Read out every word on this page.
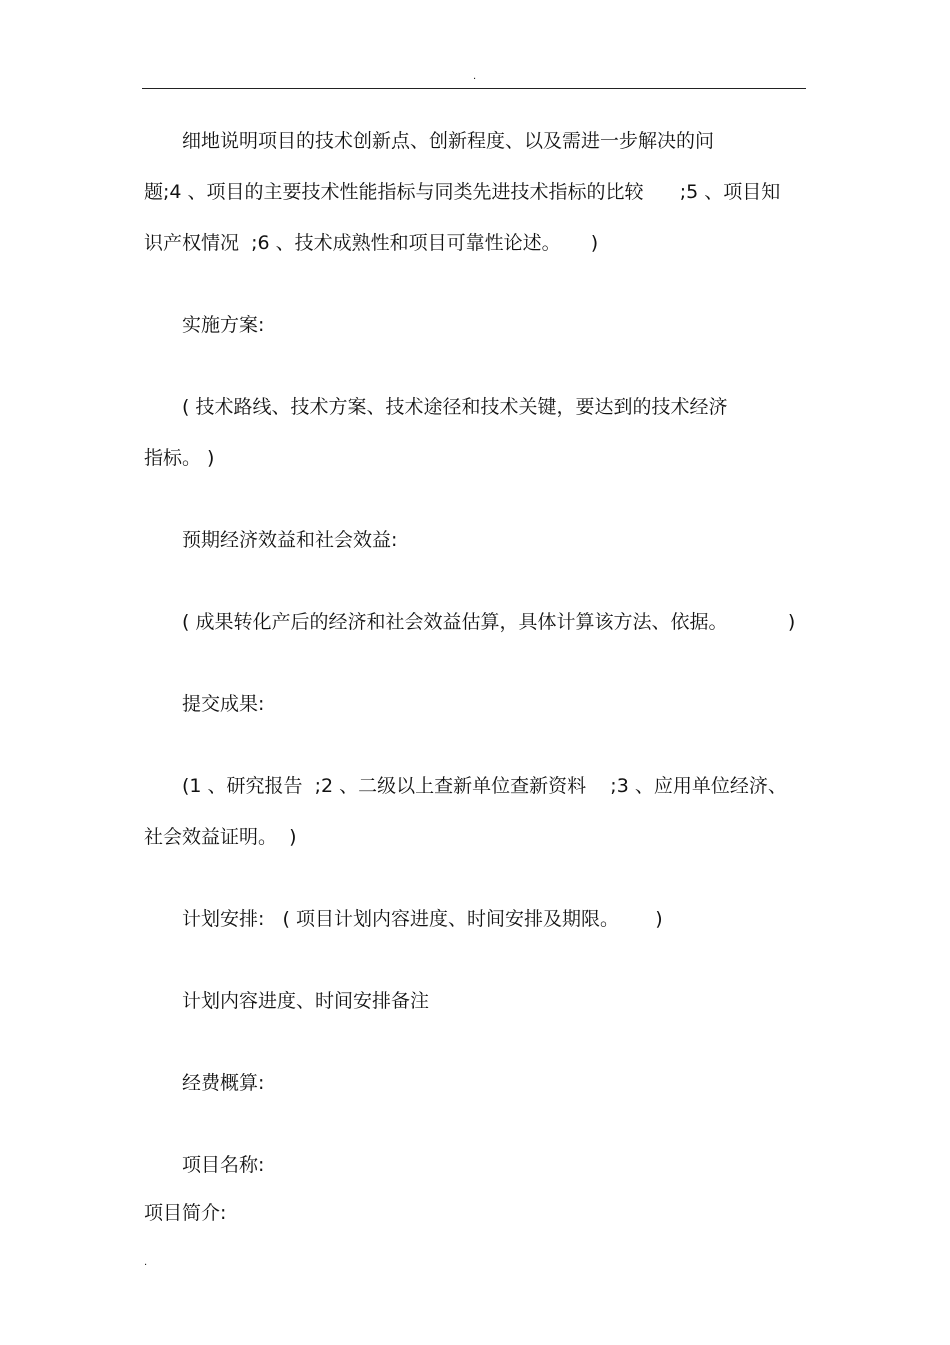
.
细地说明项目的技术创新点、创新程度、以及需进一步解决的问
题;4 、项目的主要技术性能指标与同类先进技术指标的比较      ;5 、项目知
识产权情况  ;6 、技术成熟性和项目可靠性论述。     )
实施方案:
( 技术路线、技术方案、技术途径和技术关键，要达到的技术经济
指标。 )
预期经济效益和社会效益:
( 成果转化产后的经济和社会效益估算，具体计算该方法、依据。          )
提交成果:
(1 、研究报告  ;2 、二级以上查新单位查新资料    ;3 、应用单位经济、
社会效益证明。  )
计划安排:   ( 项目计划内容进度、时间安排及期限。      )
计划内容进度、时间安排备注
经费概算:
项目名称:
项目简介:
.
